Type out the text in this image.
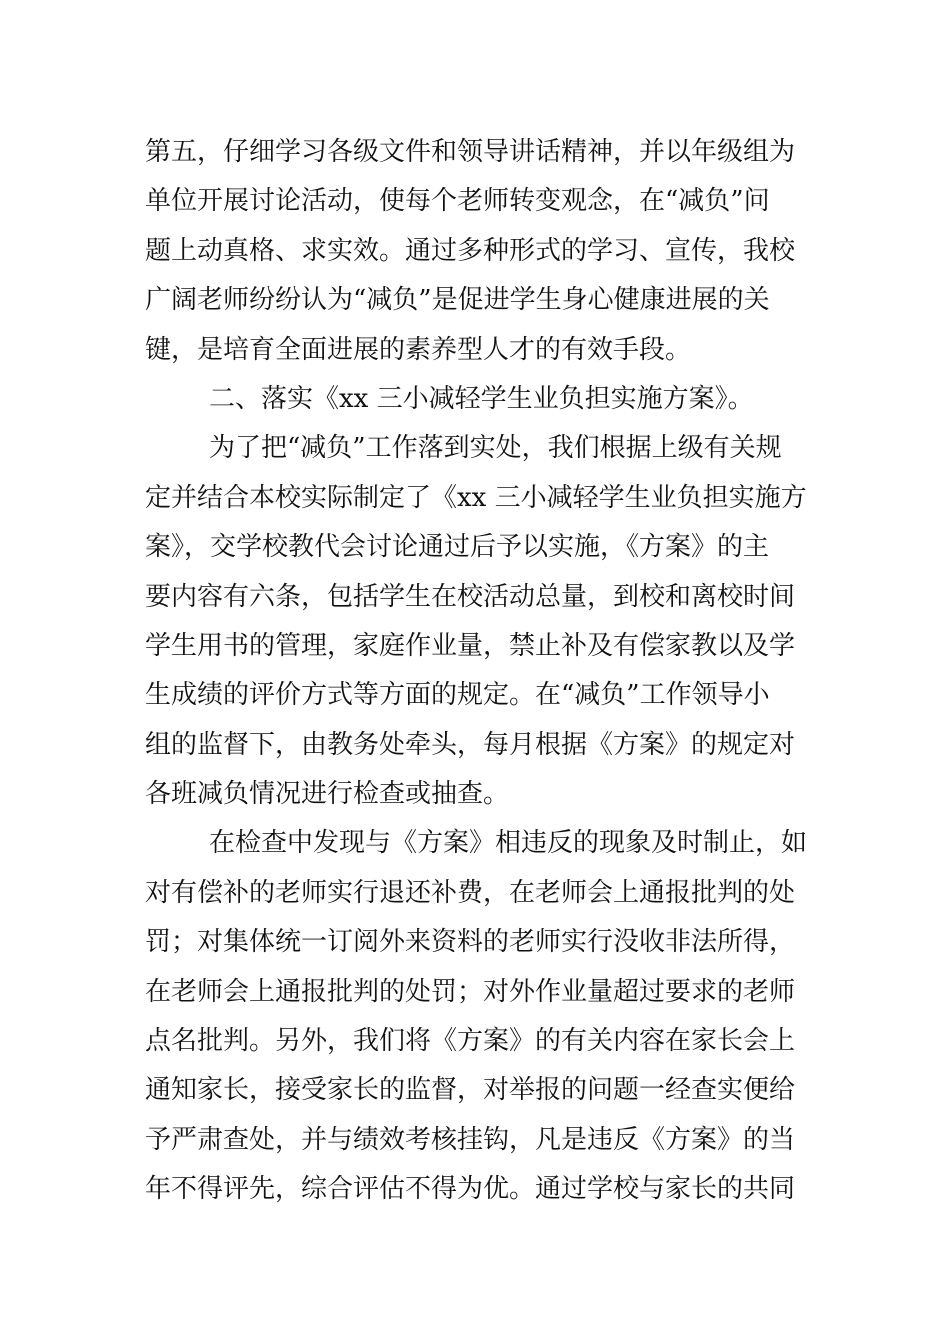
第五，仔细学习各级文件和领导讲话精神，并以年级组为
单位开展讨论活动，使每个老师转变观念，在“减负”问
题上动真格、求实效。通过多种形式的学习、宣传，我校
广阔老师纷纷认为“减负”是促进学生身心健康进展的关
键，是培育全面进展的素养型人才的有效手段。
二、落实《xx 三小减轻学生业负担实施方案》。
为了把“减负”工作落到实处，我们根据上级有关规
定并结合本校实际制定了《xx 三小减轻学生业负担实施方
案》，交学校教代会讨论通过后予以实施，《方案》的主
要内容有六条，包括学生在校活动总量，到校和离校时间
学生用书的管理，家庭作业量，禁止补及有偿家教以及学
生成绩的评价方式等方面的规定。在“减负”工作领导小
组的监督下，由教务处牵头，每月根据《方案》的规定对
各班减负情况进行检查或抽查。
在检查中发现与《方案》相违反的现象及时制止，如
对有偿补的老师实行退还补费，在老师会上通报批判的处
罚；对集体统一订阅外来资料的老师实行没收非法所得，
在老师会上通报批判的处罚；对外作业量超过要求的老师
点名批判。另外，我们将《方案》的有关内容在家长会上
通知家长，接受家长的监督，对举报的问题一经查实便给
予严肃查处，并与绩效考核挂钩，凡是违反《方案》的当
年不得评先，综合评估不得为优。通过学校与家长的共同
